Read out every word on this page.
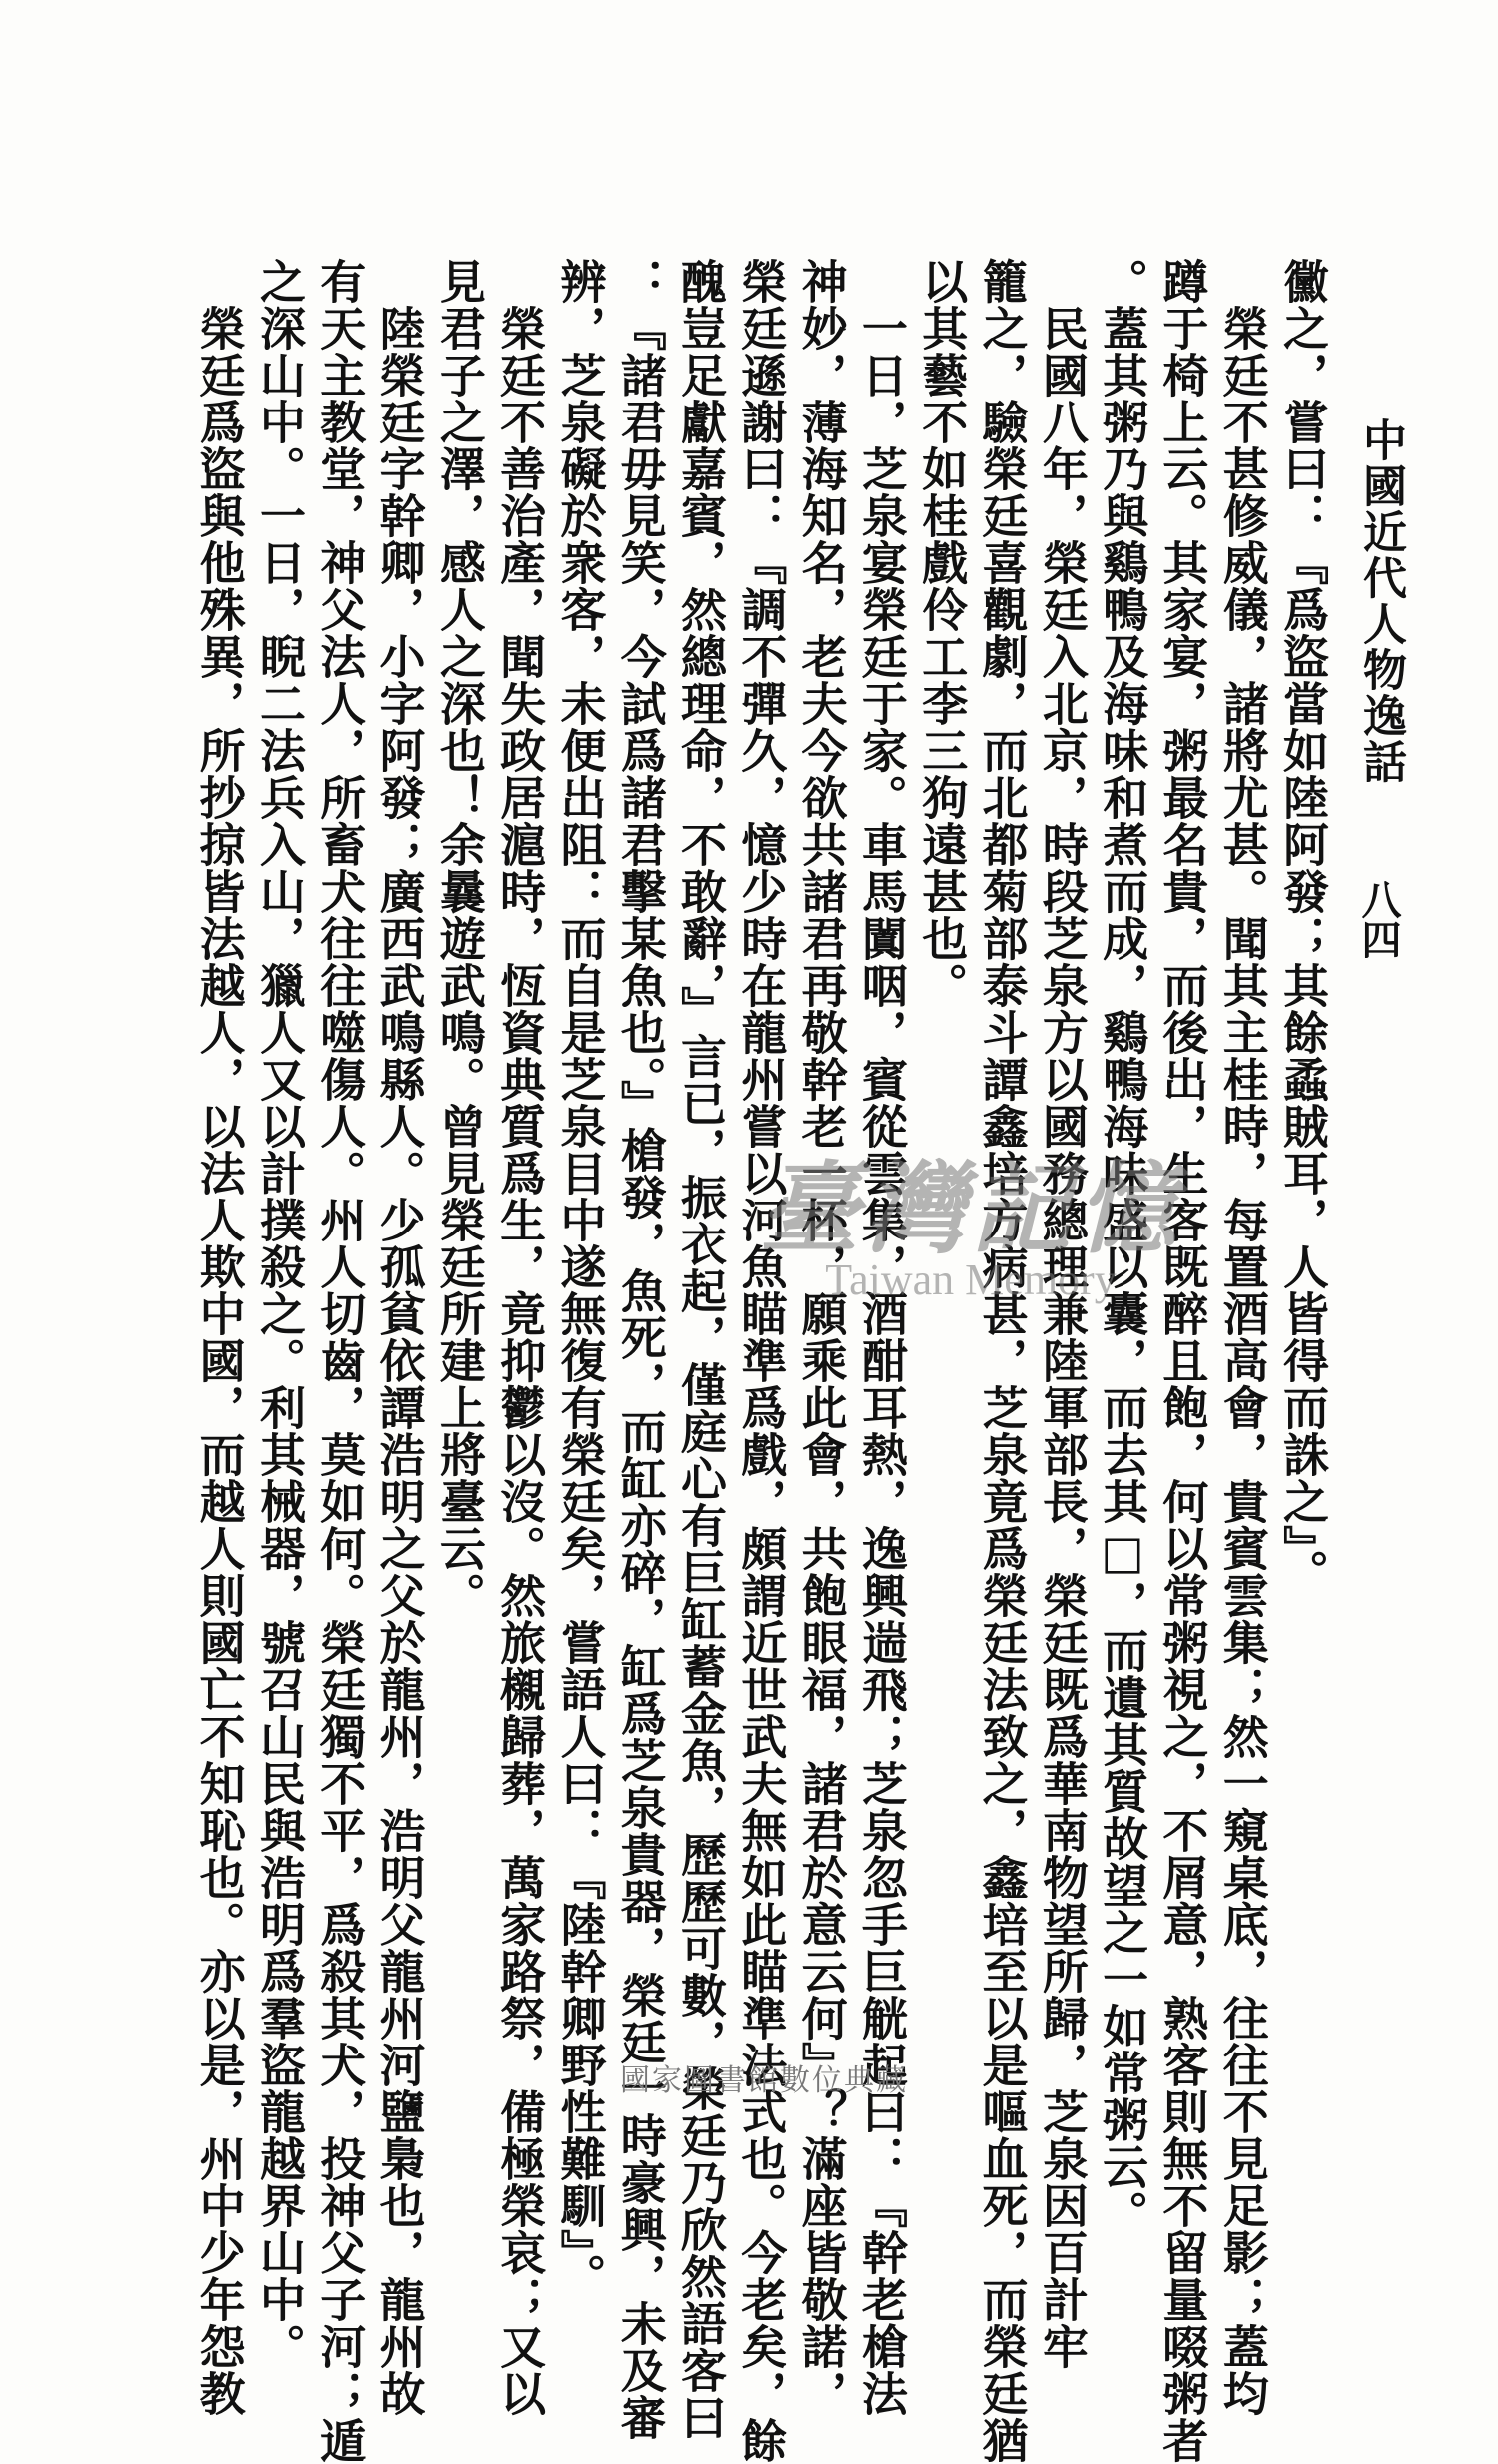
中國近代人物逸話
八四
黴之，嘗曰：『爲盜當如陸阿發；其餘蟊賊耳，人皆得而誅之』。
　榮廷不甚修威儀，諸將尤甚。聞其主桂時，每置酒高會，貴賓雲集；然一窺桌底，往往不見足影；蓋均
蹲于椅上云。其家宴，粥最名貴，而後出，生客既醉且飽，何以常粥視之，不屑意，熟客則無不留量啜粥者
。蓋其粥乃與鷄鴨及海味和煮而成，鷄鴨海味盛以囊，而去其□，而遺其質故望之一如常粥云。
　民國八年，榮廷入北京，時段芝泉方以國務總理兼陸軍部長，榮廷既爲華南物望所歸，芝泉因百計牢
籠之，驗榮廷喜觀劇，而北都菊部泰斗譚鑫培方病甚，芝泉竟爲榮廷法致之，鑫培至以是嘔血死，而榮廷猶
以其藝不如桂戲伶工李三狗遠甚也。
　一日，芝泉宴榮廷于家。車馬闐咽，賓從雲集，酒酣耳熱，逸興遄飛；芝泉忽手巨觥起曰：『幹老槍法
神妙，薄海知名，老夫今欲共諸君再敬幹老一杯，願乘此會，共飽眼福，諸君於意云何』？滿座皆敬諾，
榮廷遜謝曰：『調不彈久，憶少時在龍州嘗以河魚瞄準爲戲，頗謂近世武夫無如此瞄準法式也。今老矣，餘
醜豈足獻嘉賓，然總理命，不敢辭，』言已，振衣起，僅庭心有巨缸蓄金魚，歷歷可數，榮廷乃欣然語客曰
：『諸君毋見笑，今試爲諸君擊某魚也。』槍發，魚死，而缸亦碎，缸爲芝泉貴器，榮廷一時豪興，未及審
辨，芝泉礙於衆客，未便出阻：而自是芝泉目中遂無復有榮廷矣，嘗語人曰：『陸幹卿野性難馴』。
　榮廷不善治產，聞失政居滬時，恆資典質爲生，竟抑鬱以沒。然旅櫬歸葬，萬家路祭，備極榮哀；又以
見君子之澤，感人之深也！余曩遊武鳴。曾見榮廷所建上將臺云。
　陸榮廷字幹卿，小字阿發；廣西武鳴縣人。少孤貧依譚浩明之父於龍州，浩明父龍州河鹽梟也，龍州故
有天主教堂，神父法人，所畜犬往往噬傷人。州人切齒，莫如何。榮廷獨不平，爲殺其犬，投神父子河；遁
之深山中。一日，睨二法兵入山，獵人又以計撲殺之。利其械器，號召山民與浩明爲羣盜龍越界山中。
　榮廷爲盜與他殊異，所抄掠皆法越人，以法人欺中國，而越人則國亡不知恥也。亦以是，州中少年怨教	臺灣記憶
Taiwan Memory
國家圖書館數位典藏
